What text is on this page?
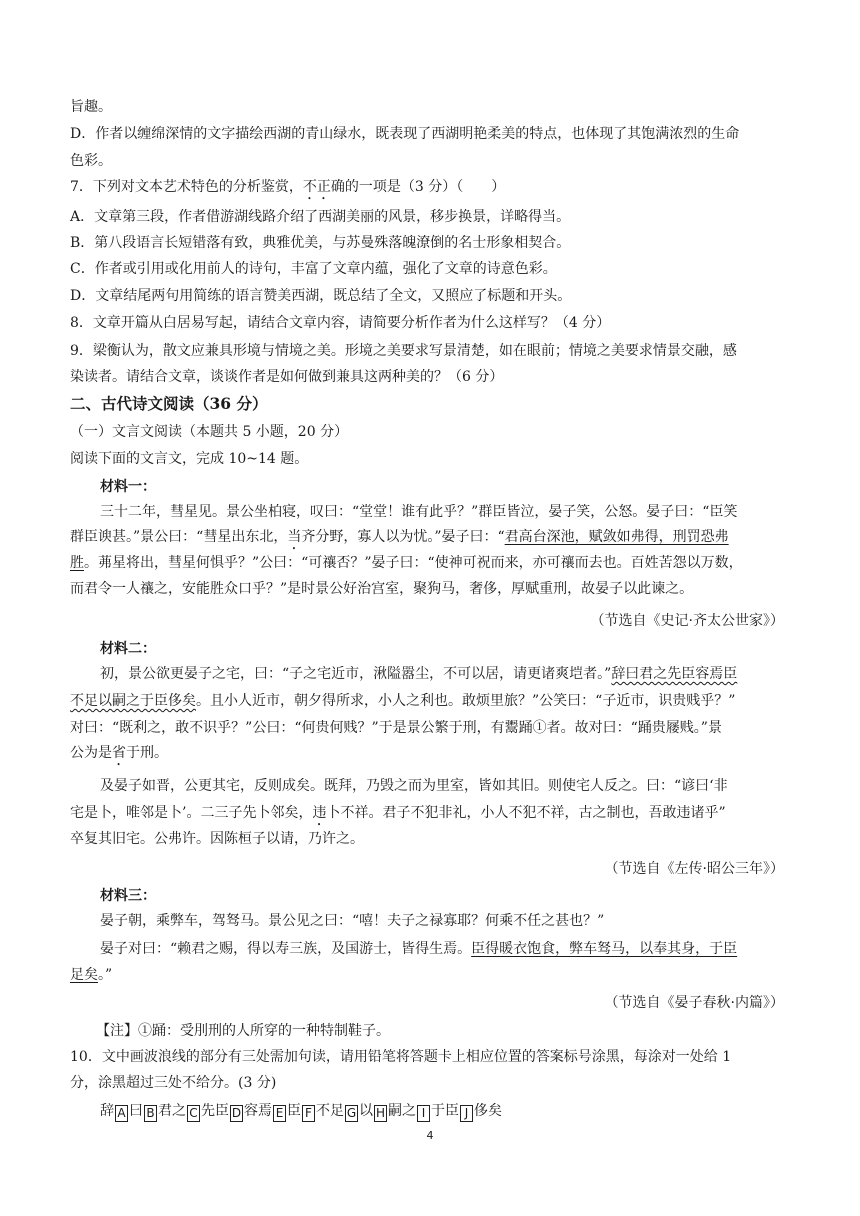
旨趣。
D．作者以缠绵深情的文字描绘西湖的青山绿水，既表现了西湖明艳柔美的特点，也体现了其饱满浓烈的生命
色彩。
7．下列对文本艺术特色的分析鉴赏，不正确的一项是（3 分）（　　）
A．文章第三段，作者借游湖线路介绍了西湖美丽的风景，移步换景，详略得当。
B．第八段语言长短错落有致，典雅优美，与苏曼殊落魄潦倒的名士形象相契合。
C．作者或引用或化用前人的诗句，丰富了文章内蕴，强化了文章的诗意色彩。
D．文章结尾两句用简练的语言赞美西湖，既总结了全文，又照应了标题和开头。
8．文章开篇从白居易写起，请结合文章内容，请简要分析作者为什么这样写？（4 分）
9．梁衡认为，散文应兼具形境与情境之美。形境之美要求写景清楚，如在眼前；情境之美要求情景交融，感
染读者。请结合文章，谈谈作者是如何做到兼具这两种美的？（6 分）
二、古代诗文阅读（36 分）
（一）文言文阅读（本题共 5 小题，20 分）
阅读下面的文言文，完成 10~14 题。
材料一：
三十二年，彗星见。景公坐柏寝，叹曰：“堂堂！谁有此乎？”群臣皆泣，晏子笑，公怒。晏子曰：“臣笑
群臣谀甚。”景公曰：“彗星出东北，当齐分野，寡人以为忧。”晏子曰：“君高台深池，赋敛如弗得，刑罚恐弗
胜。茀星将出，彗星何惧乎？”公曰：“可禳否？”晏子曰：“使神可祝而来，亦可禳而去也。百姓苦怨以万数，
而君令一人禳之，安能胜众口乎？”是时景公好治宫室，聚狗马，奢侈，厚赋重刑，故晏子以此谏之。
（节选自《史记·齐太公世家》）
材料二：
初，景公欲更晏子之宅，曰：“子之宅近市，湫隘嚣尘，不可以居，请更诸爽垲者。”辞曰君之先臣容焉臣
不足以嗣之于臣侈矣。且小人近市，朝夕得所求，小人之利也。敢烦里旅？”公笑曰：“子近市，识贵贱乎？”
对曰：“既利之，敢不识乎？”公曰：“何贵何贱？”于是景公繁于刑，有鬻踊①者。故对曰：“踊贵屦贱。”景
公为是省于刑。
及晏子如晋，公更其宅，反则成矣。既拜，乃毁之而为里室，皆如其旧。则使宅人反之。曰：“谚曰‘非
宅是卜，唯邻是卜’。二三子先卜邻矣，违卜不祥。君子不犯非礼，小人不犯不祥，古之制也，吾敢违诸乎”
卒复其旧宅。公弗许。因陈桓子以请，乃许之。
（节选自《左传·昭公三年》）
材料三：
晏子朝，乘弊车，驾驽马。景公见之曰：“嘻！夫子之禄寡耶？何乘不任之甚也？”
晏子对曰：“赖君之赐，得以寿三族，及国游士，皆得生焉。臣得暖衣饱食，弊车驽马，以奉其身，于臣
足矣。”
（节选自《晏子春秋·内篇》）
【注】①踊：受刖刑的人所穿的一种特制鞋子。
10．文中画波浪线的部分有三处需加句读，请用铅笔将答题卡上相应位置的答案标号涂黑，每涂对一处给 1
分，涂黑超过三处不给分。(3 分)
辞 A 曰 B 君之 C 先臣 D 容焉 E 臣 F 不足 G 以 H 嗣之 I 于臣 J 侈矣
4
